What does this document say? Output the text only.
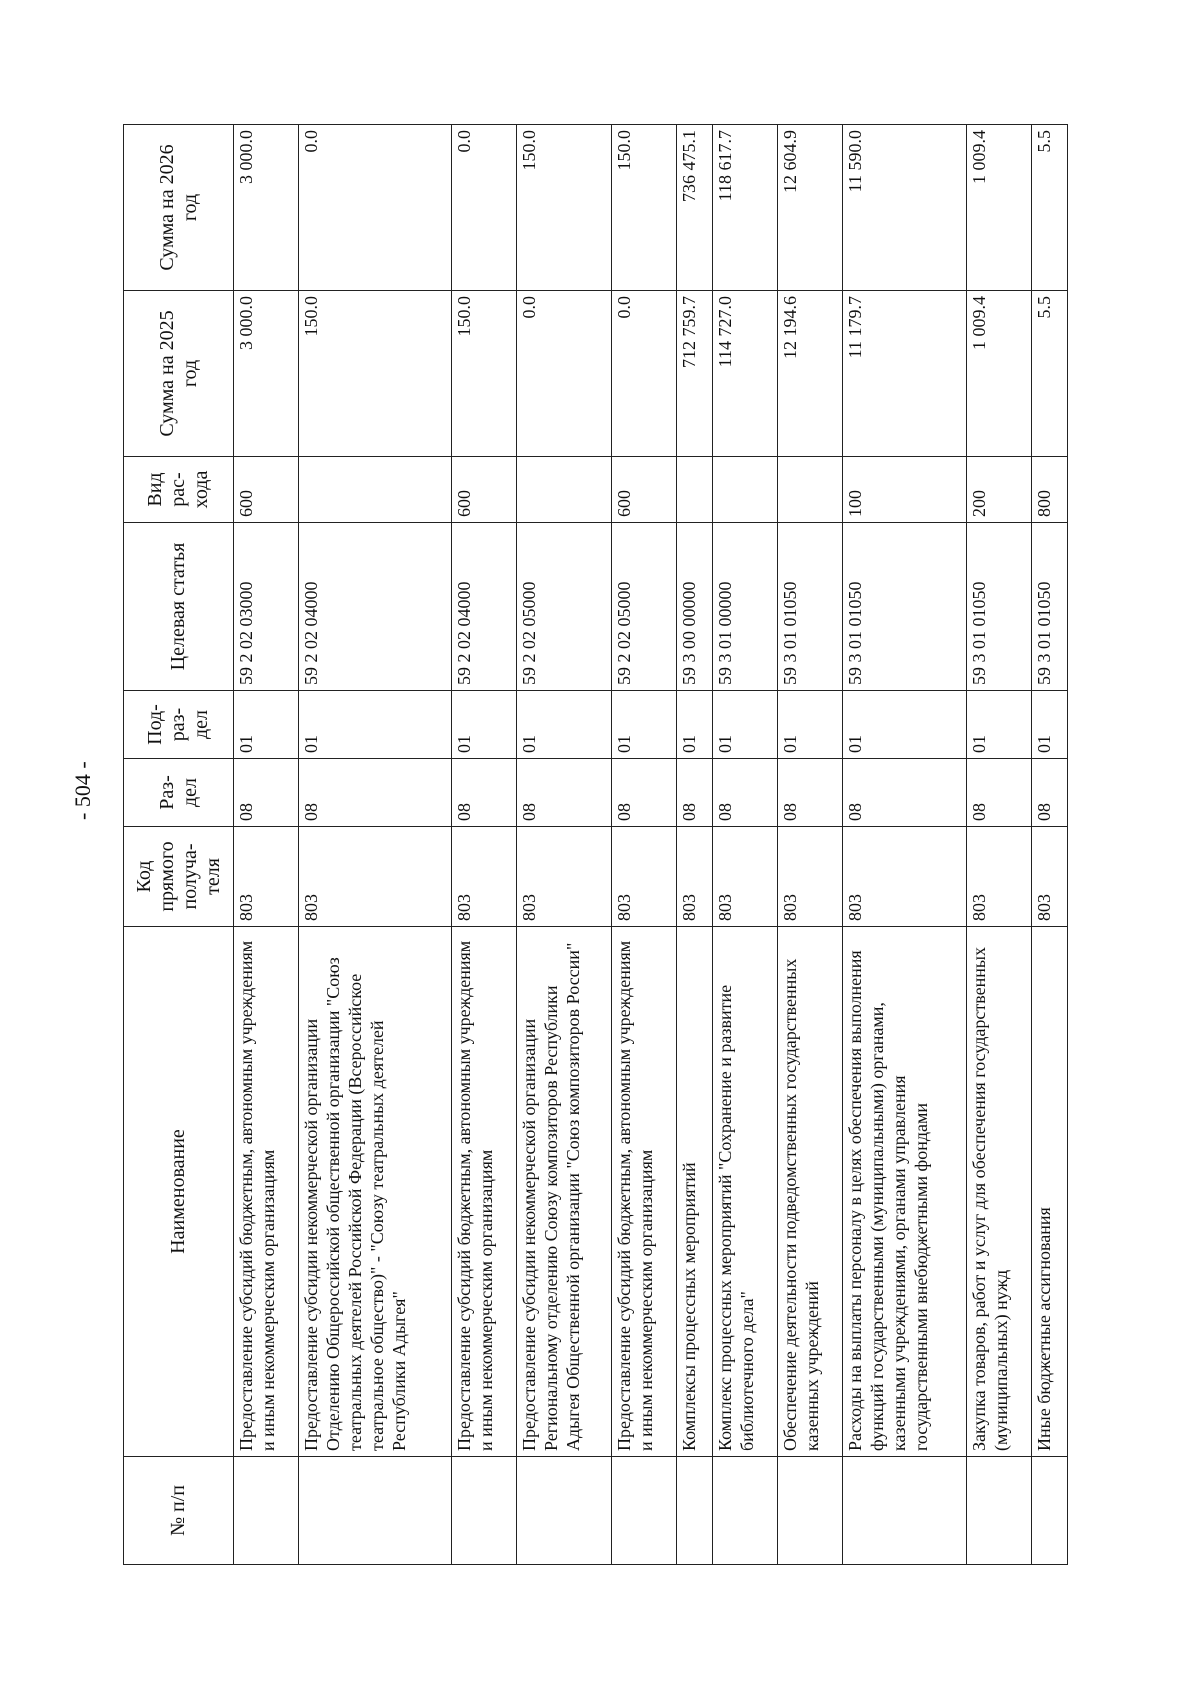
- 504 -
№ п/п	Наименование	Код прямого получа-теля	Раз-дел	Под-раз-дел	Целевая статья	Вид рас-хода	Сумма на 2025 год	Сумма на 2026 год
	Предоставление субсидий бюджетным, автономным учреждениям и иным некоммерческим организациям	803	08	01	59 2 02 03000	600	3 000.0	3 000.0
	Предоставление субсидии некоммерческой организации Отделению Общероссийской общественной организации "Союз театральных деятелей Российской Федерации (Всероссийское театральное общество)" - "Союзу театральных деятелей Республики Адыгея"	803	08	01	59 2 02 04000		150.0	0.0
	Предоставление субсидий бюджетным, автономным учреждениям и иным некоммерческим организациям	803	08	01	59 2 02 04000	600	150.0	0.0
	Предоставление субсидии некоммерческой организации Региональному отделению Союзу композиторов Республики Адыгея Общественной организации "Союз композиторов России"	803	08	01	59 2 02 05000		0.0	150.0
	Предоставление субсидий бюджетным, автономным учреждениям и иным некоммерческим организациям	803	08	01	59 2 02 05000	600	0.0	150.0
	Комплексы процессных мероприятий	803	08	01	59 3 00 00000		712 759.7	736 475.1
	Комплекс процессных мероприятий "Сохранение и развитие библиотечного дела"	803	08	01	59 3 01 00000		114 727.0	118 617.7
	Обеспечение деятельности подведомственных государственных казенных учреждений	803	08	01	59 3 01 01050		12 194.6	12 604.9
	Расходы на выплаты персоналу в целях обеспечения выполнения функций государственными (муниципальными) органами, казенными учреждениями, органами управления государственными внебюджетными фондами	803	08	01	59 3 01 01050	100	11 179.7	11 590.0
	Закупка товаров, работ и услуг для обеспечения государственных (муниципальных) нужд	803	08	01	59 3 01 01050	200	1 009.4	1 009.4
	Иные бюджетные ассигнования	803	08	01	59 3 01 01050	800	5.5	5.5
